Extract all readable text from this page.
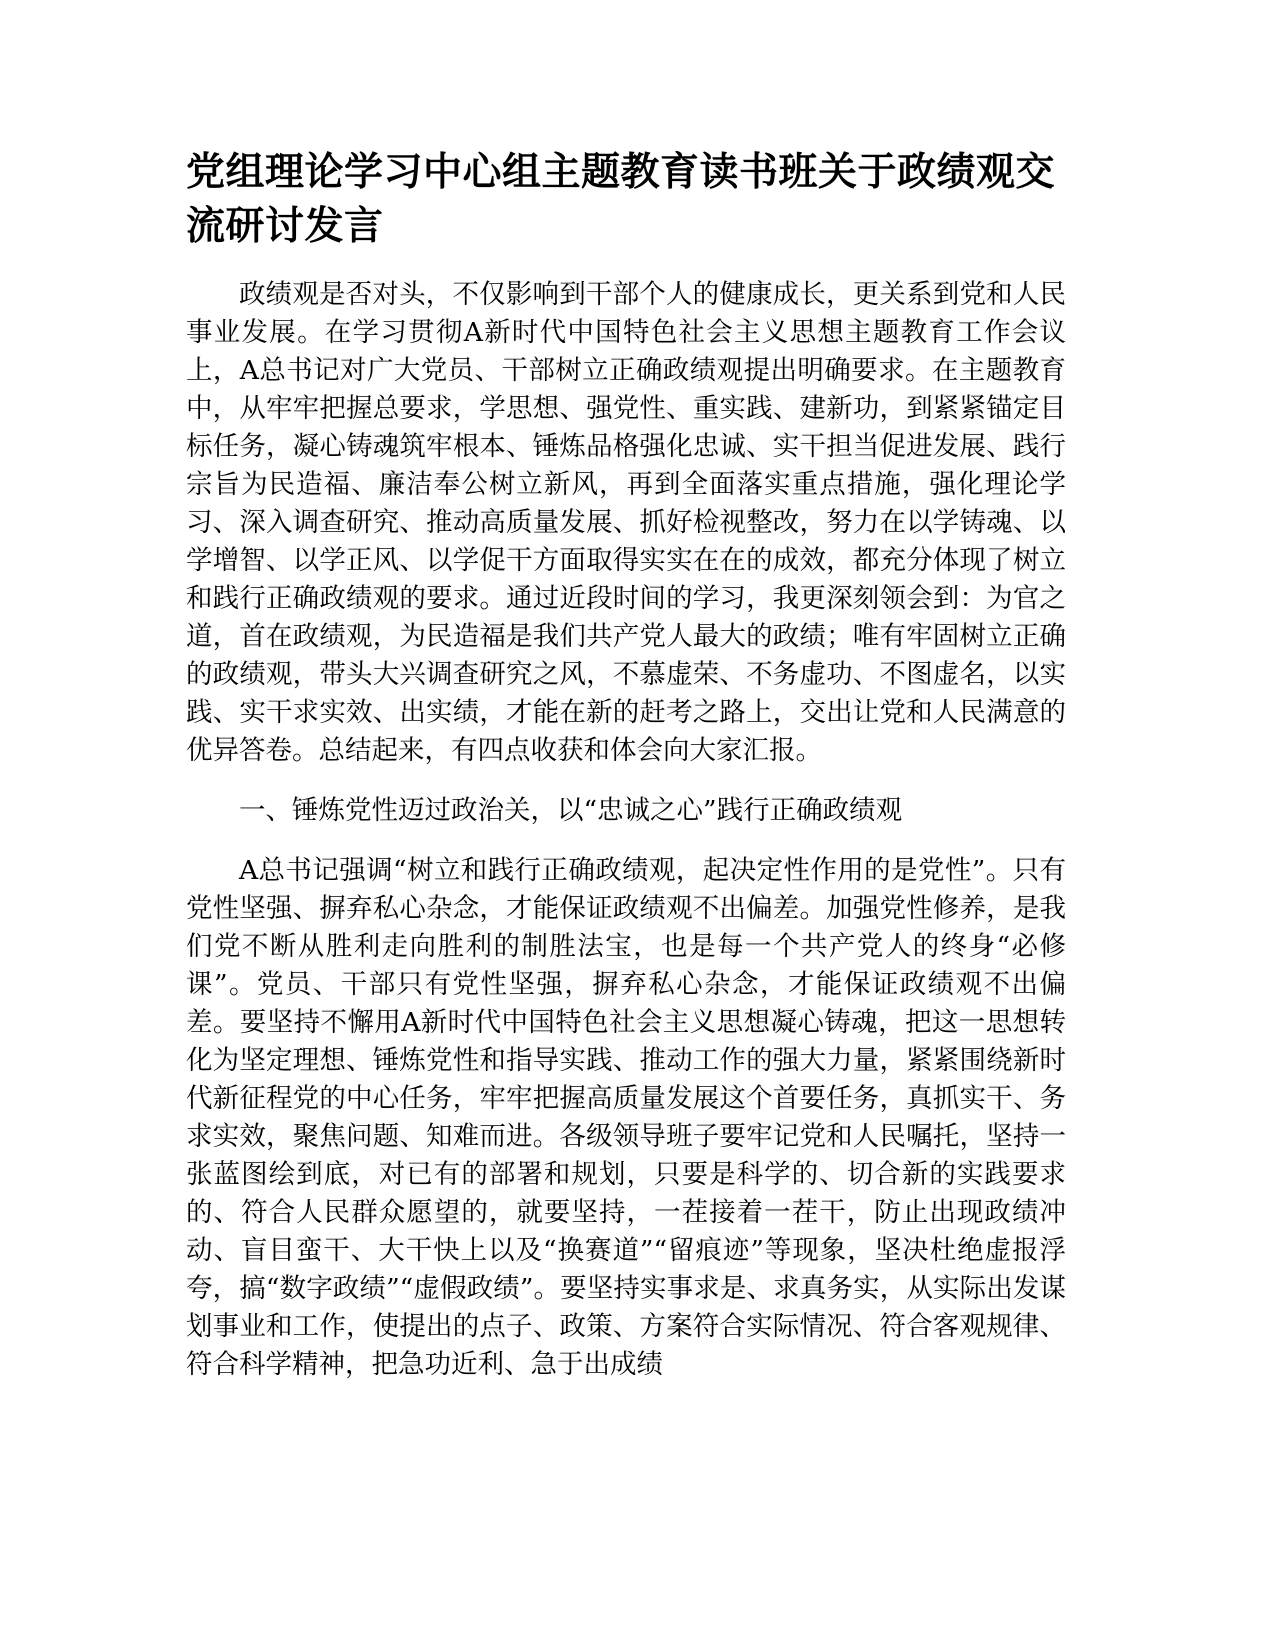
党组理论学习中心组主题教育读书班关于政绩观交流研讨发言

政绩观是否对头，不仅影响到干部个人的健康成长，更关系到党和人民事业发展。在学习贯彻A新时代中国特色社会主义思想主题教育工作会议上，A总书记对广大党员、干部树立正确政绩观提出明确要求。在主题教育中，从牢牢把握总要求，学思想、强党性、重实践、建新功，到紧紧锚定目标任务，凝心铸魂筑牢根本、锤炼品格强化忠诚、实干担当促进发展、践行宗旨为民造福、廉洁奉公树立新风，再到全面落实重点措施，强化理论学习、深入调查研究、推动高质量发展、抓好检视整改，努力在以学铸魂、以学增智、以学正风、以学促干方面取得实实在在的成效，都充分体现了树立和践行正确政绩观的要求。通过近段时间的学习，我更深刻领会到：为官之道，首在政绩观，为民造福是我们共产党人最大的政绩；唯有牢固树立正确的政绩观，带头大兴调查研究之风，不慕虚荣、不务虚功、不图虚名，以实践、实干求实效、出实绩，才能在新的赶考之路上，交出让党和人民满意的优异答卷。总结起来，有四点收获和体会向大家汇报。

一、锤炼党性迈过政治关，以“忠诚之心”践行正确政绩观

A总书记强调“树立和践行正确政绩观，起决定性作用的是党性”。只有党性坚强、摒弃私心杂念，才能保证政绩观不出偏差。加强党性修养，是我们党不断从胜利走向胜利的制胜法宝，也是每一个共产党人的终身“必修课”。党员、干部只有党性坚强，摒弃私心杂念，才能保证政绩观不出偏差。要坚持不懈用A新时代中国特色社会主义思想凝心铸魂，把这一思想转化为坚定理想、锤炼党性和指导实践、推动工作的强大力量，紧紧围绕新时代新征程党的中心任务，牢牢把握高质量发展这个首要任务，真抓实干、务求实效，聚焦问题、知难而进。各级领导班子要牢记党和人民嘱托，坚持一张蓝图绘到底，对已有的部署和规划，只要是科学的、切合新的实践要求的、符合人民群众愿望的，就要坚持，一茬接着一茬干，防止出现政绩冲动、盲目蛮干、大干快上以及“换赛道”“留痕迹”等现象，坚决杜绝虚报浮夸，搞“数字政绩”“虚假政绩”。要坚持实事求是、求真务实，从实际出发谋划事业和工作，使提出的点子、政策、方案符合实际情况、符合客观规律、符合科学精神，把急功近利、急于出成绩
